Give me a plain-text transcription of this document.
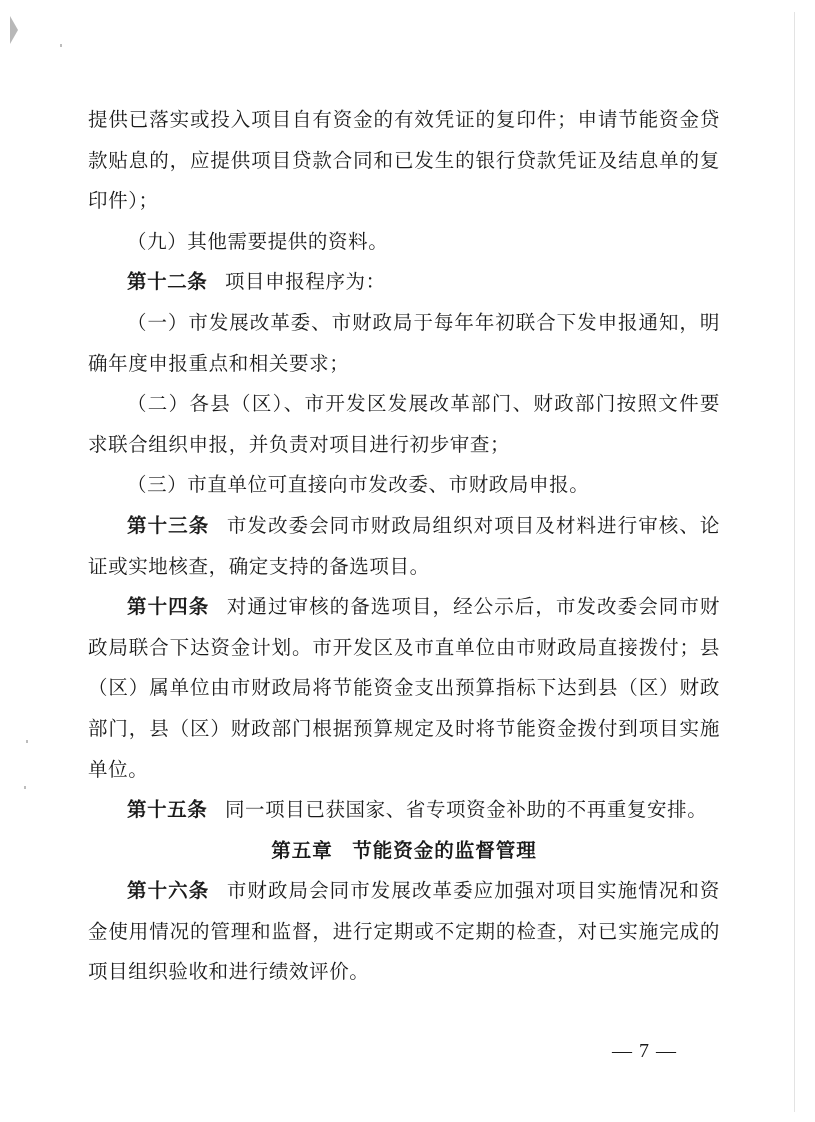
提供已落实或投入项目自有资金的有效凭证的复印件；申请节能资金贷款贴息的，应提供项目贷款合同和已发生的银行贷款凭证及结息单的复印件）；

（九）其他需要提供的资料。

第十二条 项目申报程序为：

（一）市发展改革委、市财政局于每年年初联合下发申报通知，明确年度申报重点和相关要求；

（二）各县（区）、市开发区发展改革部门、财政部门按照文件要求联合组织申报，并负责对项目进行初步审查；

（三）市直单位可直接向市发改委、市财政局申报。

第十三条 市发改委会同市财政局组织对项目及材料进行审核、论证或实地核查，确定支持的备选项目。

第十四条 对通过审核的备选项目，经公示后，市发改委会同市财政局联合下达资金计划。市开发区及市直单位由市财政局直接拨付；县（区）属单位由市财政局将节能资金支出预算指标下达到县（区）财政部门，县（区）财政部门根据预算规定及时将节能资金拨付到项目实施单位。

第十五条 同一项目已获国家、省专项资金补助的不再重复安排。

第五章 节能资金的监督管理

第十六条 市财政局会同市发展改革委应加强对项目实施情况和资金使用情况的管理和监督，进行定期或不定期的检查，对已实施完成的项目组织验收和进行绩效评价。

— 7 —
